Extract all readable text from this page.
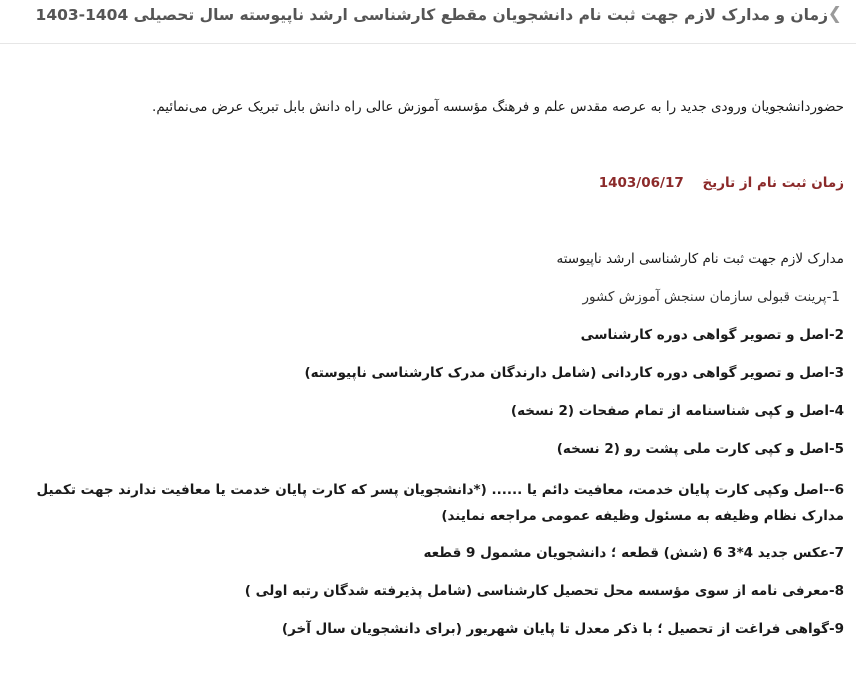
❯
زمان و مدارک لازم جهت ثبت نام دانشجویان مقطع کارشناسی ارشد ناپیوسته سال تحصیلی 1404-1403

حضوردانشجویان ورودی جدید را به عرصه مقدس علم و فرهنگ مؤسسه آموزش عالی راه دانش بابل تبریک عرض می‌نمائیم.

زمان ثبت نام از تاریخ 1403/06/17

مدارک لازم جهت ثبت نام کارشناسی ارشد ناپیوسته

1-پرینت قبولی سازمان سنجش آموزش کشور

2-اصل و تصویر گواهی دوره کارشناسی

3-اصل و تصویر گواهی دوره کاردانی (شامل دارندگان مدرک کارشناسی ناپیوسته)

4-اصل و کپی شناسنامه از تمام صفحات (2 نسخه)

5-اصل و کپی کارت ملی پشت رو (2 نسخه)

6--اصل وکپی کارت پایان خدمت، معافیت دائم یا ...... (*دانشجویان پسر که کارت پایان خدمت یا معافیت ندارند جهت تکمیل مدارک نظام وظیفه به مسئول وظیفه عمومی مراجعه نمایند)

7-عکس جدید 4*3 6 (شش) قطعه ؛ دانشجویان مشمول 9 قطعه

8-معرفی نامه از سوی مؤسسه محل تحصیل کارشناسی (شامل پذیرفته شدگان رتبه اولی )

9-گواهی فراغت از تحصیل ؛ با ذکر معدل تا پایان شهریور (برای دانشجویان سال آخر)
